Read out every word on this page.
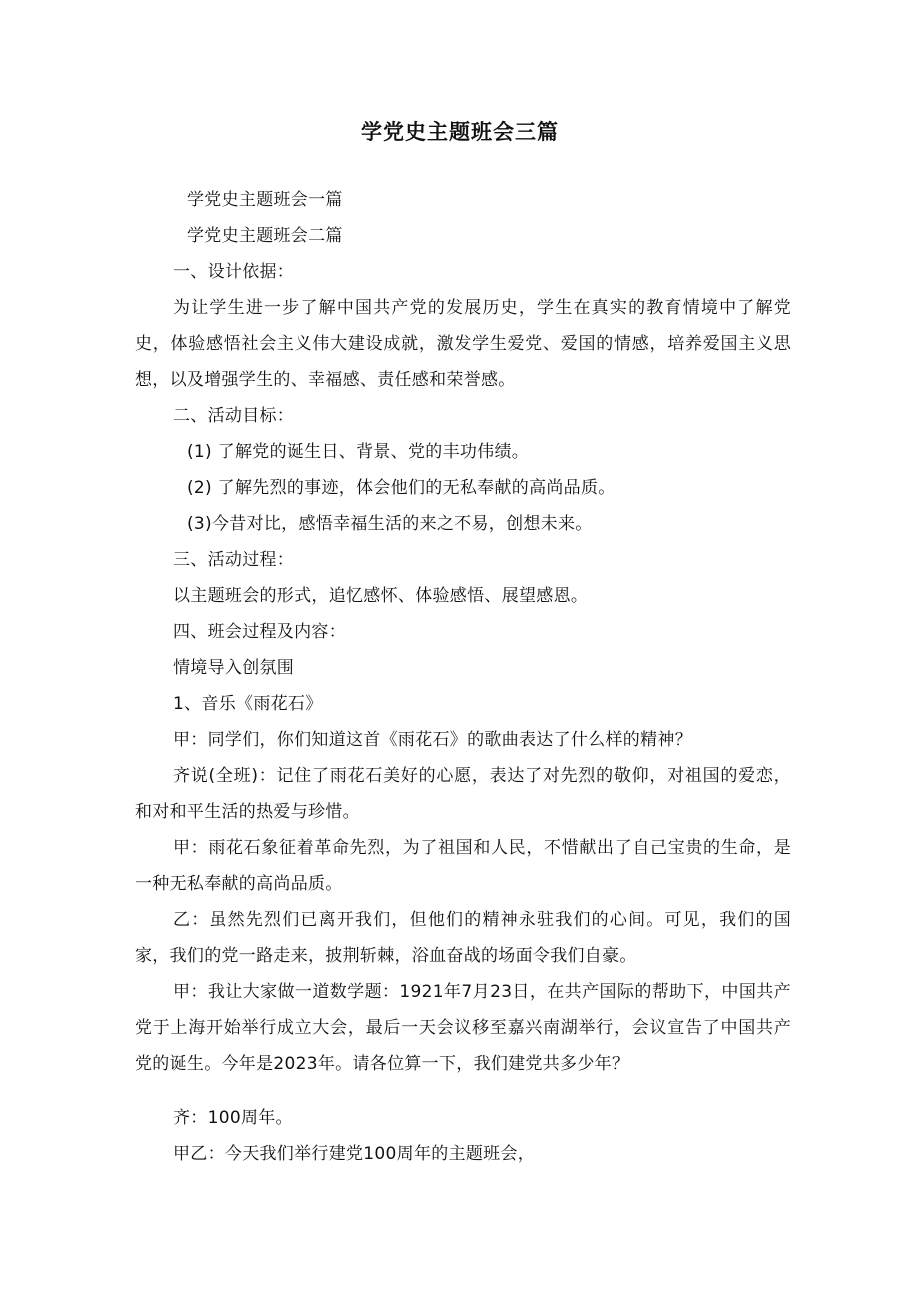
学党史主题班会三篇

学党史主题班会一篇

学党史主题班会二篇

一、设计依据：

为让学生进一步了解中国共产党的发展历史，学生在真实的教育情境中了解党史，体验感悟社会主义伟大建设成就，激发学生爱党、爱国的情感，培养爱国主义思想，以及增强学生的、幸福感、责任感和荣誉感。

二、活动目标：

(1) 了解党的诞生日、背景、党的丰功伟绩。

(2) 了解先烈的事迹，体会他们的无私奉献的高尚品质。

(3)今昔对比，感悟幸福生活的来之不易，创想未来。

三、活动过程：

以主题班会的形式，追忆感怀、体验感悟、展望感恩。

四、班会过程及内容：

情境导入创氛围

1、音乐《雨花石》

甲：同学们，你们知道这首《雨花石》的歌曲表达了什么样的精神？

齐说(全班)：记住了雨花石美好的心愿，表达了对先烈的敬仰，对祖国的爱恋，和对和平生活的热爱与珍惜。

甲：雨花石象征着革命先烈，为了祖国和人民，不惜献出了自己宝贵的生命，是一种无私奉献的高尚品质。

乙：虽然先烈们已离开我们，但他们的精神永驻我们的心间。可见，我们的国家，我们的党一路走来，披荆斩棘，浴血奋战的场面令我们自豪。

甲：我让大家做一道数学题：1921年7月23日，在共产国际的帮助下，中国共产党于上海开始举行成立大会，最后一天会议移至嘉兴南湖举行，会议宣告了中国共产党的诞生。今年是2023年。请各位算一下，我们建党共多少年？

齐：100周年。

甲乙：今天我们举行建党100周年的主题班会，
